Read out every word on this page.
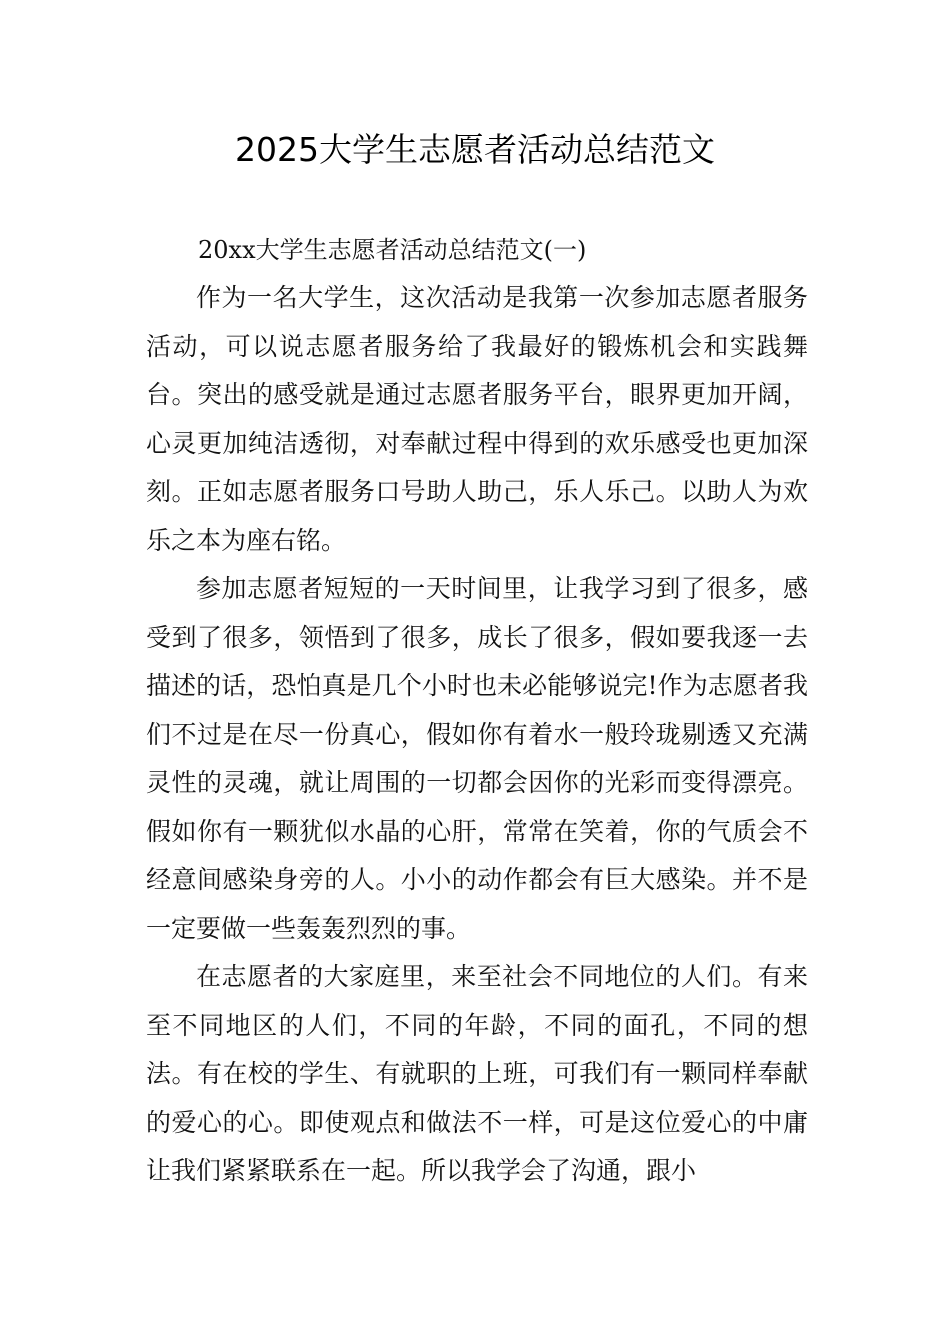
2025大学生志愿者活动总结范文
20xx大学生志愿者活动总结范文(一)

作为一名大学生，这次活动是我第一次参加志愿者服务活动，可以说志愿者服务给了我最好的锻炼机会和实践舞台。突出的感受就是通过志愿者服务平台，眼界更加开阔，心灵更加纯洁透彻，对奉献过程中得到的欢乐感受也更加深刻。正如志愿者服务口号助人助己，乐人乐己。以助人为欢乐之本为座右铭。

参加志愿者短短的一天时间里，让我学习到了很多，感受到了很多，领悟到了很多，成长了很多，假如要我逐一去描述的话，恐怕真是几个小时也未必能够说完!作为志愿者我们不过是在尽一份真心，假如你有着水一般玲珑剔透又充满灵性的灵魂，就让周围的一切都会因你的光彩而变得漂亮。假如你有一颗犹似水晶的心肝，常常在笑着，你的气质会不经意间感染身旁的人。小小的动作都会有巨大感染。并不是一定要做一些轰轰烈烈的事。

在志愿者的大家庭里，来至社会不同地位的人们。有来至不同地区的人们，不同的年龄，不同的面孔，不同的想法。有在校的学生、有就职的上班，可我们有一颗同样奉献的爱心的心。即使观点和做法不一样，可是这位爱心的中庸让我们紧紧联系在一起。所以我学会了沟通，跟小
